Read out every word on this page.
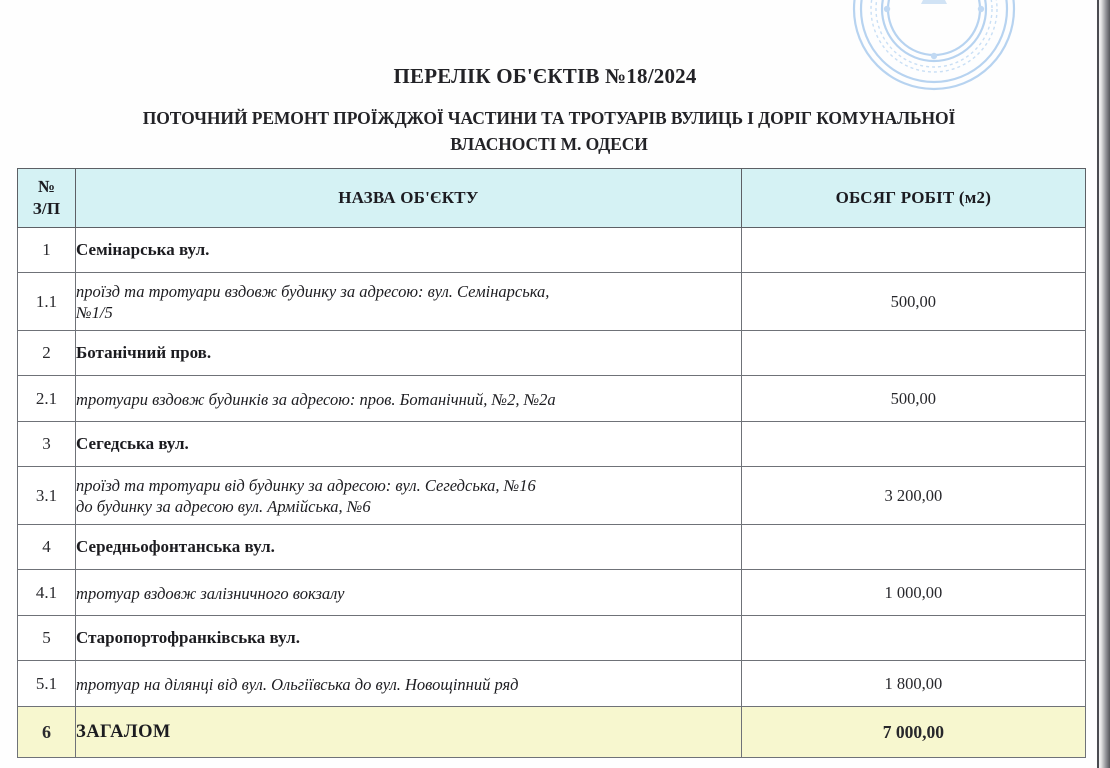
ПЕРЕЛІК ОБ'ЄКТІВ №18/2024
ПОТОЧНИЙ РЕМОНТ ПРОЇЖДЖОЇ ЧАСТИНИ ТА ТРОТУАРІВ ВУЛИЦЬ І ДОРІГ КОМУНАЛЬНОЇ
ВЛАСНОСТІ М. ОДЕСИ
№
З/П	НАЗВА ОБ'ЄКТУ	ОБСЯГ РОБІТ (м2)
1	Семінарська вул.	
1.1	проїзд та тротуари вздовж будинку за адресою: вул. Семінарська,
№1/5	500,00
2	Ботанічний пров.	
2.1	тротуари вздовж будинків за адресою: пров. Ботанічний, №2, №2а	500,00
3	Сегедська вул.	
3.1	проїзд та тротуари від будинку за адресою: вул. Сегедська, №16
до будинку за адресою вул. Армійська, №6	3 200,00
4	Середньофонтанська вул.	
4.1	тротуар вздовж залізничного вокзалу	1 000,00
5	Старопортофранківська вул.	
5.1	тротуар на ділянці від вул. Ольгіївська до вул. Новощіпний ряд	1 800,00
6	ЗАГАЛОМ	7 000,00
